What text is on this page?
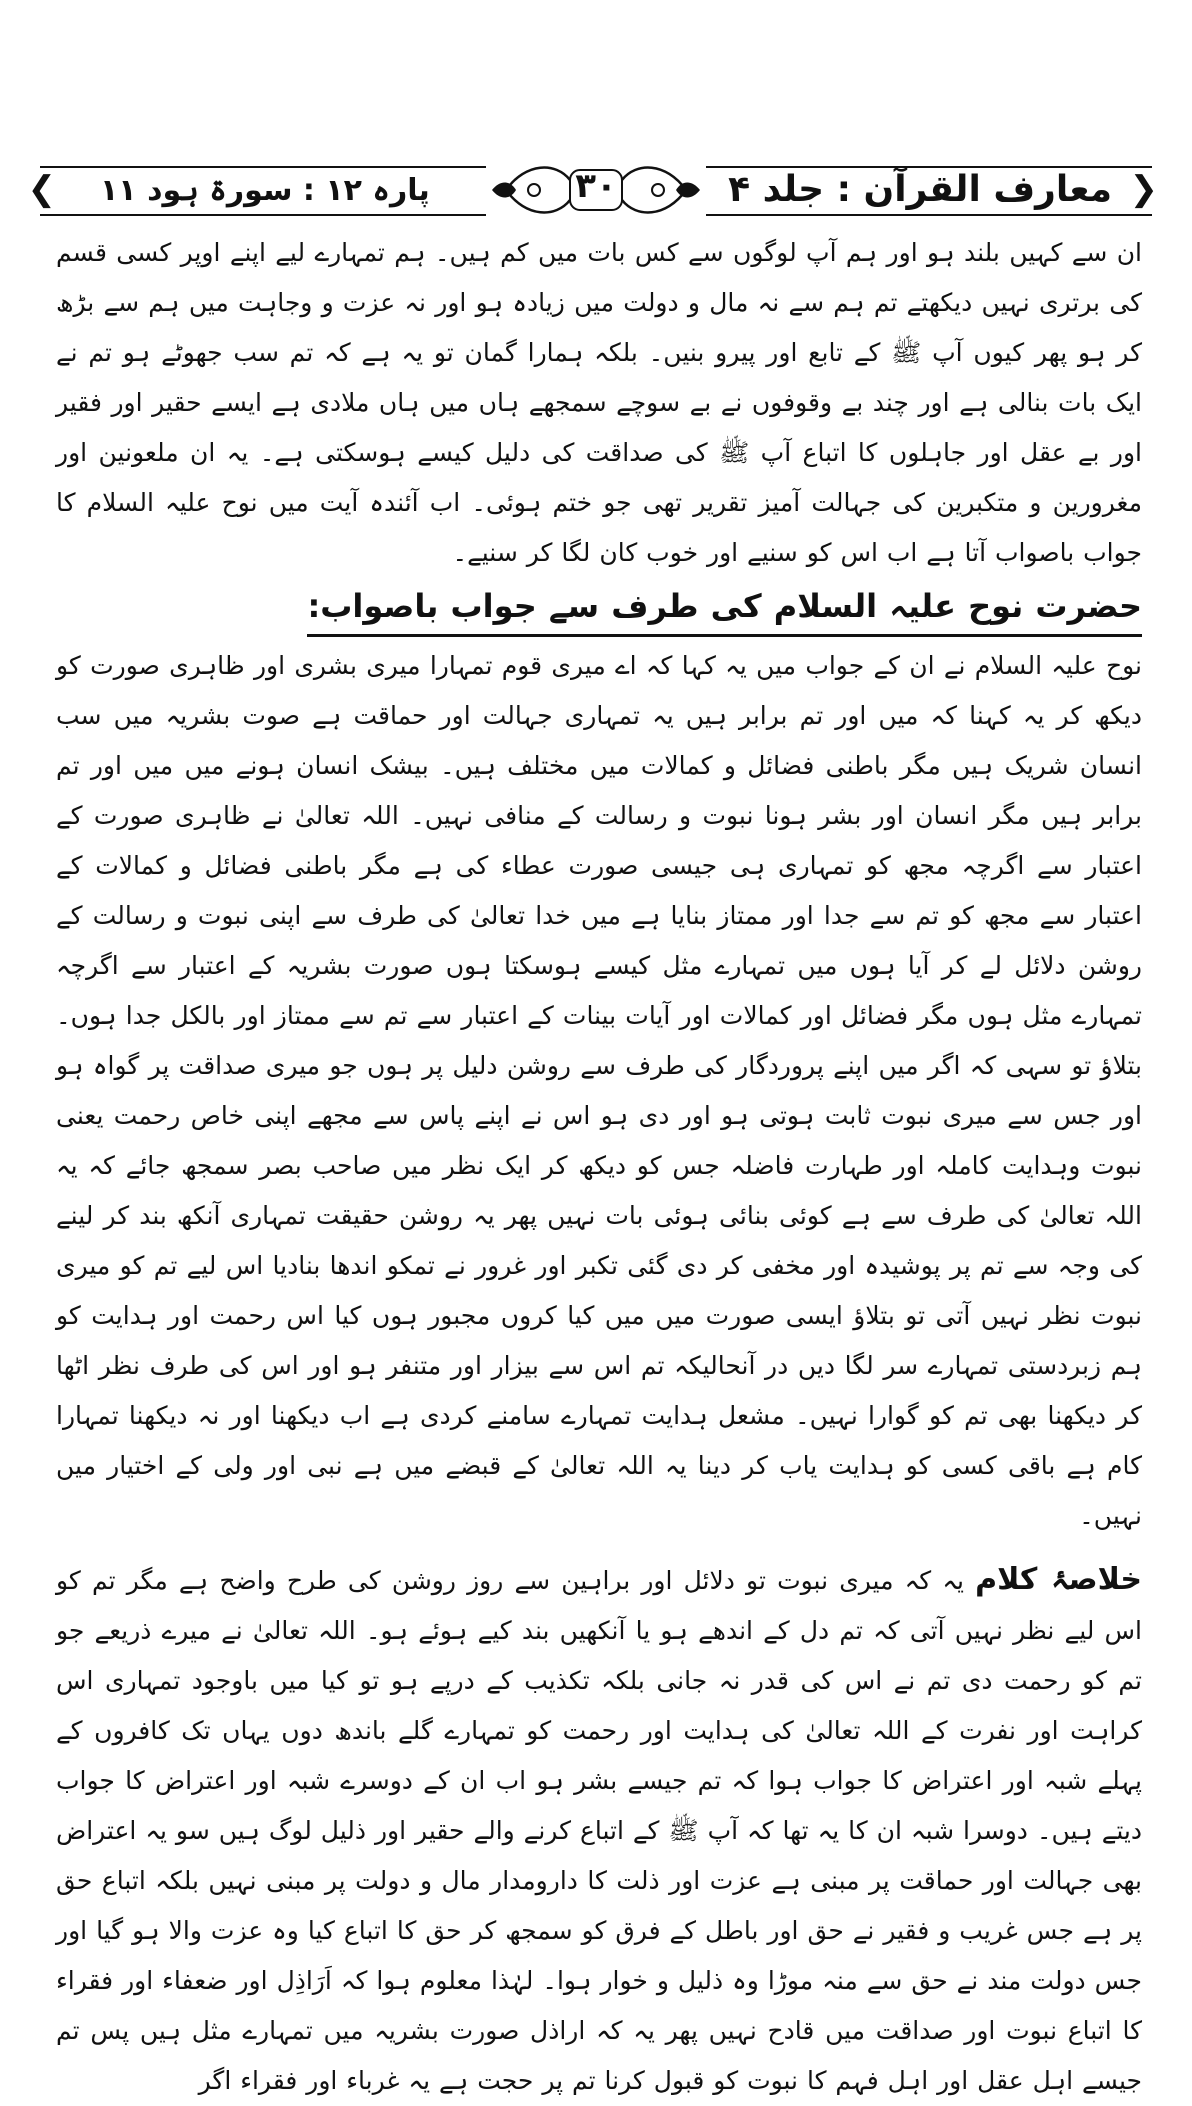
❮
❯	معارف القرآن : جلد ۴
۳۰
پارہ ۱۲ : سورۃ ہود ۱۱

ان سے کہیں بلند ہو اور ہم آپ لوگوں سے کس بات میں کم ہیں۔ ہم تمہارے لیے اپنے اوپر کسی قسم کی برتری نہیں دیکھتے تم ہم سے نہ مال و دولت میں زیادہ ہو اور نہ عزت و وجاہت میں ہم سے بڑھ کر ہو پھر کیوں آپ ﷺ کے تابع اور پیرو بنیں۔ بلکہ ہمارا گمان تو یہ ہے کہ تم سب جھوٹے ہو تم نے ایک بات بنالی ہے اور چند بے وقوفوں نے بے سوچے سمجھے ہاں میں ہاں ملادی ہے ایسے حقیر اور فقیر اور بے عقل اور جاہلوں کا اتباع آپ ﷺ کی صداقت کی دلیل کیسے ہوسکتی ہے۔ یہ ان ملعونین اور مغرورین و متکبرین کی جہالت آمیز تقریر تھی جو ختم ہوئی۔ اب آئندہ آیت میں نوح علیہ السلام کا جواب باصواب آتا ہے اب اس کو سنیے اور خوب کان لگا کر سنیے۔

حضرت نوح علیہ السلام کی طرف سے جواب باصواب:

نوح علیہ السلام نے ان کے جواب میں یہ کہا کہ اے میری قوم تمہارا میری بشری اور ظاہری صورت کو دیکھ کر یہ کہنا کہ میں اور تم برابر ہیں یہ تمہاری جہالت اور حماقت ہے صوت بشریہ میں سب انسان شریک ہیں مگر باطنی فضائل و کمالات میں مختلف ہیں۔ بیشک انسان ہونے میں میں اور تم برابر ہیں مگر انسان اور بشر ہونا نبوت و رسالت کے منافی نہیں۔ اللہ تعالیٰ نے ظاہری صورت کے اعتبار سے اگرچہ مجھ کو تمہاری ہی جیسی صورت عطاء کی ہے مگر باطنی فضائل و کمالات کے اعتبار سے مجھ کو تم سے جدا اور ممتاز بنایا ہے میں خدا تعالیٰ کی طرف سے اپنی نبوت و رسالت کے روشن دلائل لے کر آیا ہوں میں تمہارے مثل کیسے ہوسکتا ہوں صورت بشریہ کے اعتبار سے اگرچہ تمہارے مثل ہوں مگر فضائل اور کمالات اور آیات بینات کے اعتبار سے تم سے ممتاز اور بالکل جدا ہوں۔ بتلاؤ تو سہی کہ اگر میں اپنے پروردگار کی طرف سے روشن دلیل پر ہوں جو میری صداقت پر گواہ ہو اور جس سے میری نبوت ثابت ہوتی ہو اور دی ہو اس نے اپنے پاس سے مجھے اپنی خاص رحمت یعنی نبوت وہدایت کاملہ اور طہارت فاضلہ جس کو دیکھ کر ایک نظر میں صاحب بصر سمجھ جائے کہ یہ اللہ تعالیٰ کی طرف سے ہے کوئی بنائی ہوئی بات نہیں پھر یہ روشن حقیقت تمہاری آنکھ بند کر لینے کی وجہ سے تم پر پوشیدہ اور مخفی کر دی گئی تکبر اور غرور نے تمکو اندھا بنادیا اس لیے تم کو میری نبوت نظر نہیں آتی تو بتلاؤ ایسی صورت میں میں کیا کروں مجبور ہوں کیا اس رحمت اور ہدایت کو ہم زبردستی تمہارے سر لگا دیں در آنحالیکہ تم اس سے بیزار اور متنفر ہو اور اس کی طرف نظر اٹھا کر دیکھنا بھی تم کو گوارا نہیں۔ مشعل ہدایت تمہارے سامنے کردی ہے اب دیکھنا اور نہ دیکھنا تمہارا کام ہے باقی کسی کو ہدایت یاب کر دینا یہ اللہ تعالیٰ کے قبضے میں ہے نبی اور ولی کے اختیار میں نہیں۔

خلاصۂ کلام یہ کہ میری نبوت تو دلائل اور براہین سے روز روشن کی طرح واضح ہے مگر تم کو اس لیے نظر نہیں آتی کہ تم دل کے اندھے ہو یا آنکھیں بند کیے ہوئے ہو۔ اللہ تعالیٰ نے میرے ذریعے جو تم کو رحمت دی تم نے اس کی قدر نہ جانی بلکہ تکذیب کے درپے ہو تو کیا میں باوجود تمہاری اس کراہت اور نفرت کے اللہ تعالیٰ کی ہدایت اور رحمت کو تمہارے گلے باندھ دوں یہاں تک کافروں کے پہلے شبہ اور اعتراض کا جواب ہوا کہ تم جیسے بشر ہو اب ان کے دوسرے شبہ اور اعتراض کا جواب دیتے ہیں۔ دوسرا شبہ ان کا یہ تھا کہ آپ ﷺ کے اتباع کرنے والے حقیر اور ذلیل لوگ ہیں سو یہ اعتراض بھی جہالت اور حماقت پر مبنی ہے عزت اور ذلت کا دارومدار مال و دولت پر مبنی نہیں بلکہ اتباع حق پر ہے جس غریب و فقیر نے حق اور باطل کے فرق کو سمجھ کر حق کا اتباع کیا وہ عزت والا ہو گیا اور جس دولت مند نے حق سے منہ موڑا وہ ذلیل و خوار ہوا۔ لہٰذا معلوم ہوا کہ اَرَاذِل اور ضعفاء اور فقراء کا اتباع نبوت اور صداقت میں قادح نہیں پھر یہ کہ اراذل صورت بشریہ میں تمہارے مثل ہیں پس تم جیسے اہل عقل اور اہل فہم کا نبوت کو قبول کرنا تم پر حجت ہے یہ غرباء اور فقراء اگر
